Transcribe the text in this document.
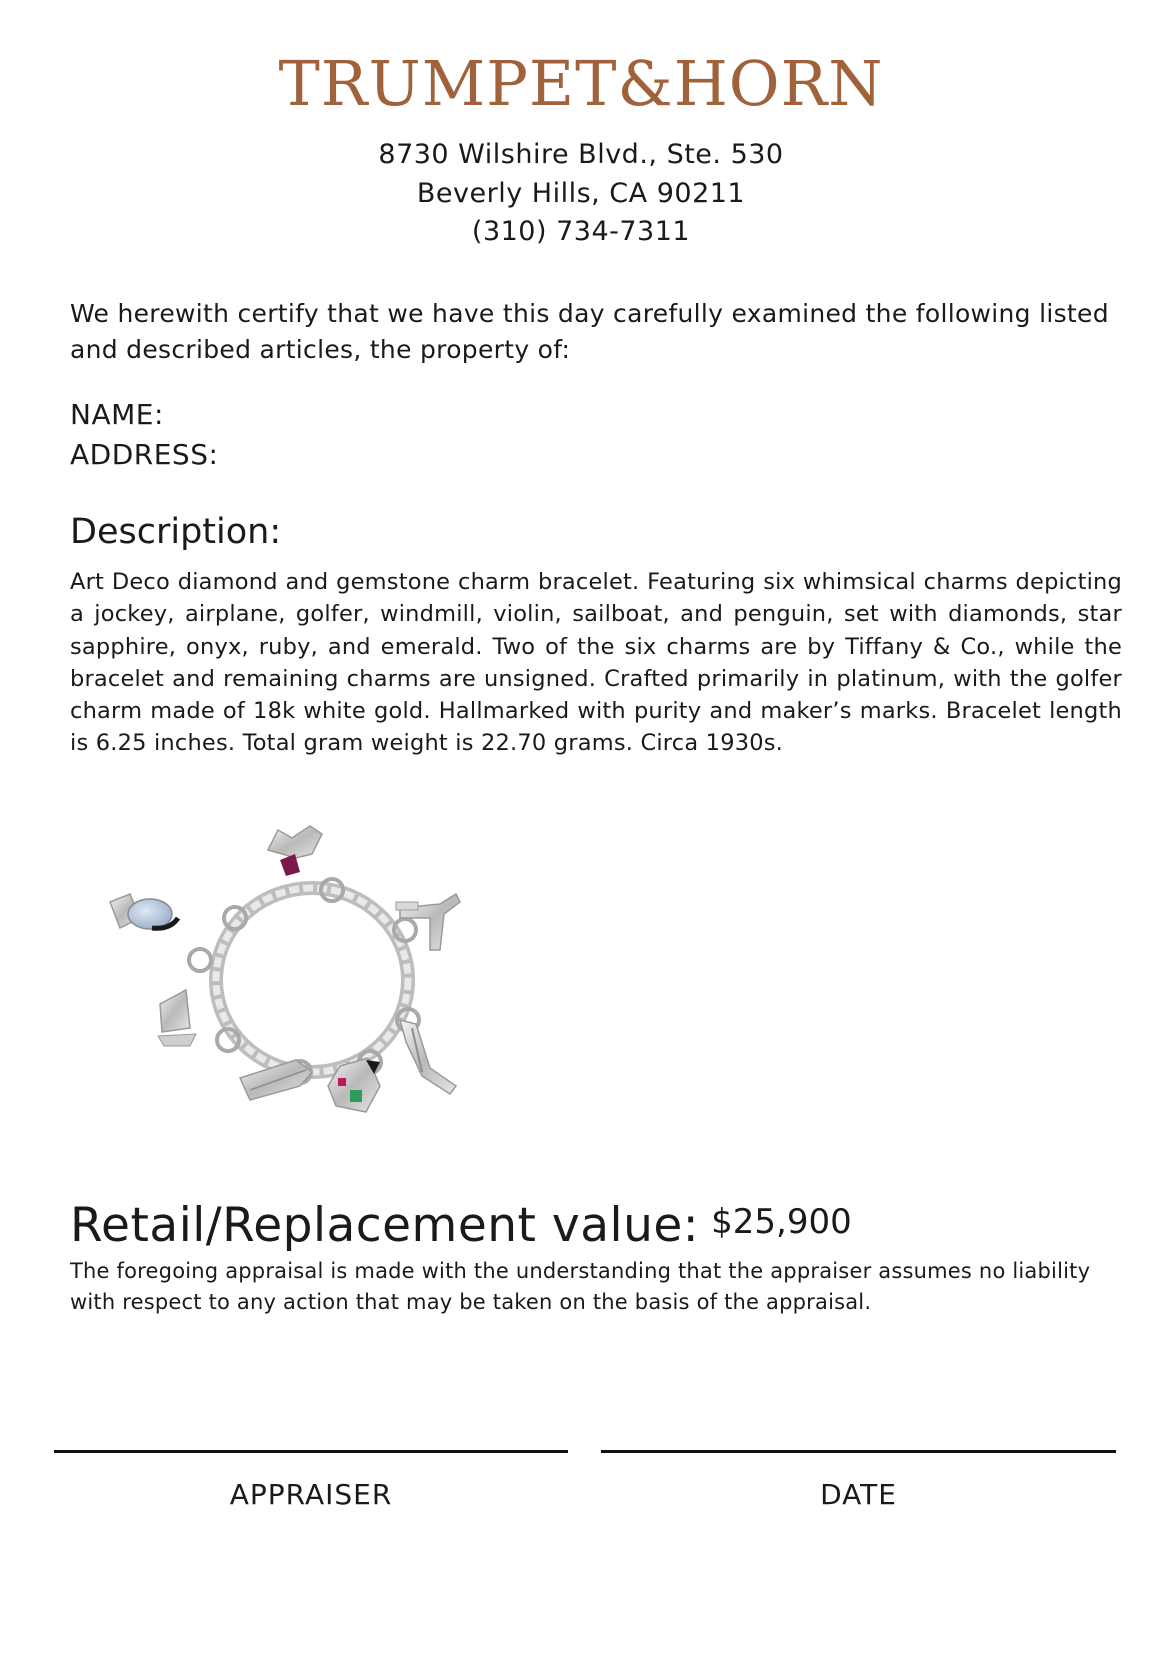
TRUMPET&HORN
8730 Wilshire Blvd., Ste. 530
Beverly Hills, CA 90211
(310) 734-7311
We herewith certify that we have this day carefully examined the following listed and described articles, the property of:
NAME:
ADDRESS:
Description:
Art Deco diamond and gemstone charm bracelet. Featuring six whimsical charms depicting a jockey, airplane, golfer, windmill, violin, sailboat, and penguin, set with diamonds, star sapphire, onyx, ruby, and emerald. Two of the six charms are by Tiffany & Co., while the bracelet and remaining charms are unsigned. Crafted primarily in platinum, with the golfer charm made of 18k white gold. Hallmarked with purity and maker’s marks. Bracelet length is 6.25 inches. Total gram weight is 22.70 grams. Circa 1930s.
Retail/Replacement value: $25,900
The foregoing appraisal is made with the understanding that the appraiser assumes no liability with respect to any action that may be taken on the basis of the appraisal.
APPRAISER	DATE
